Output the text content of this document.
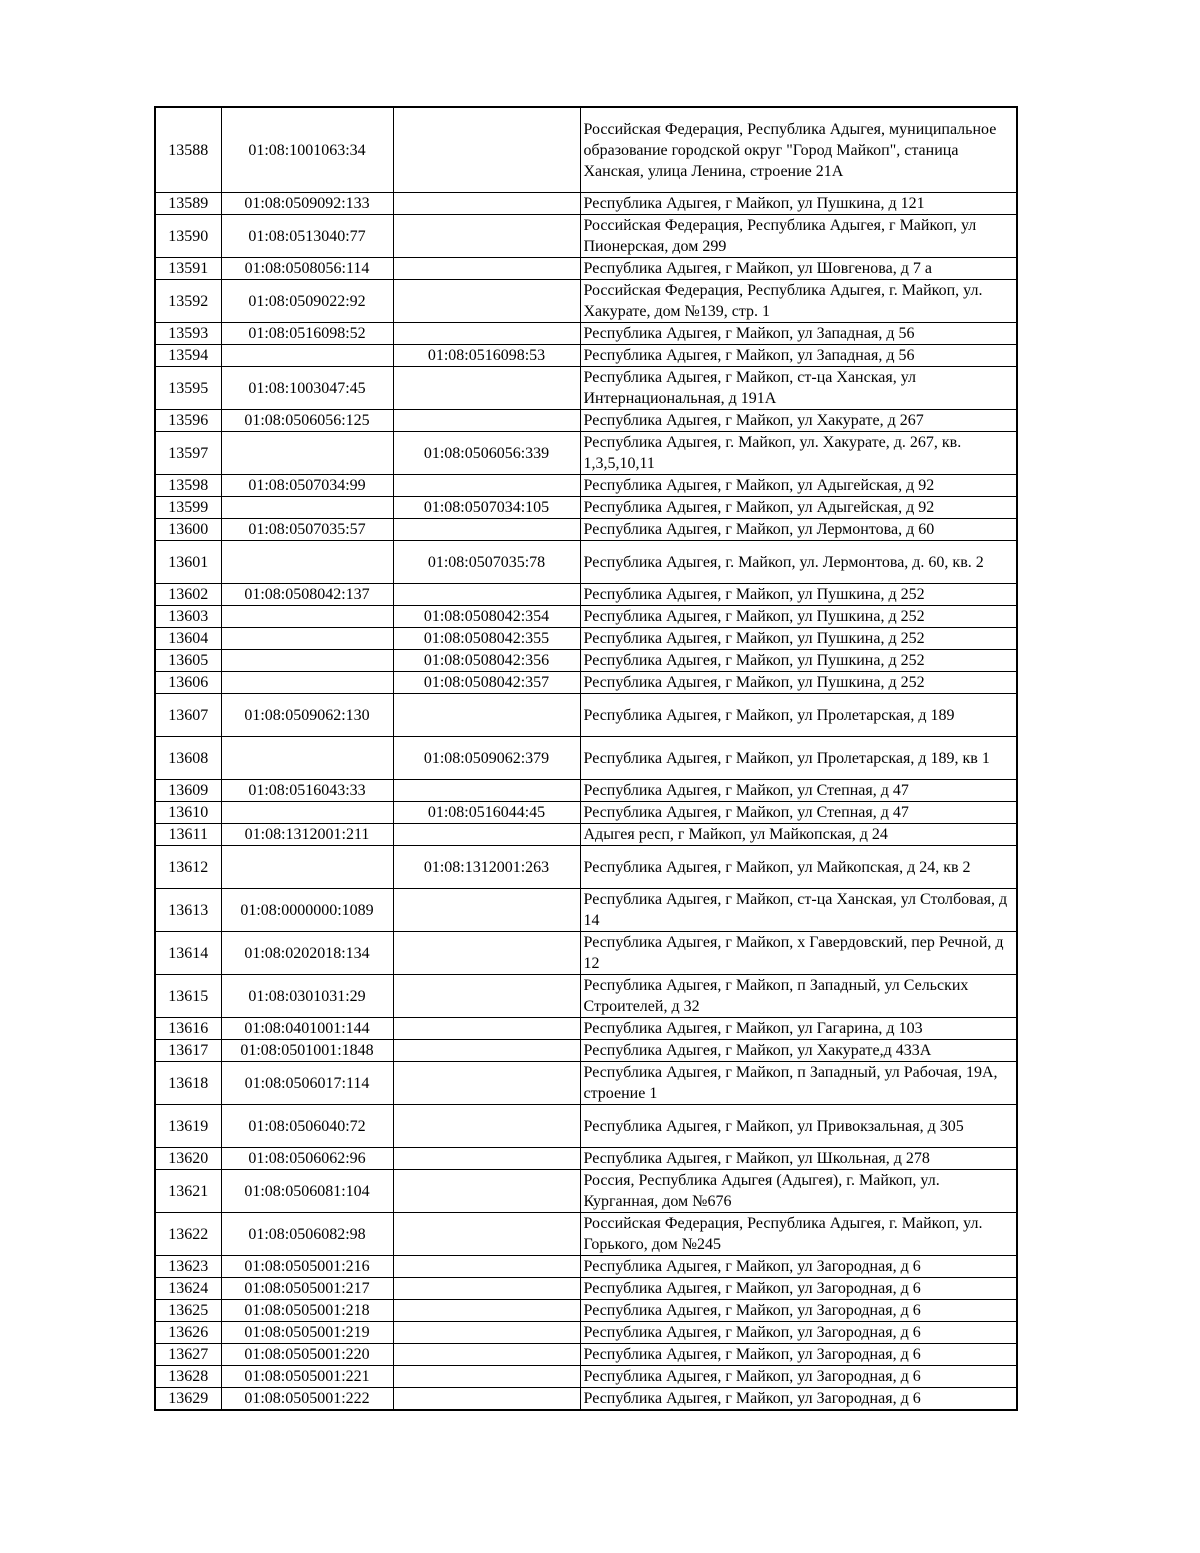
13588	01:08:1001063:34		Российская Федерация, Республика Адыгея, муниципальное образование городской округ "Город Майкоп", станица Ханская, улица Ленина, строение 21А
13589	01:08:0509092:133		Республика Адыгея, г Майкоп, ул Пушкина, д 121
13590	01:08:0513040:77		Российская Федерация, Республика Адыгея, г Майкоп, ул Пионерская, дом 299
13591	01:08:0508056:114		Республика Адыгея, г Майкоп, ул Шовгенова, д 7 а
13592	01:08:0509022:92		Российская Федерация, Республика Адыгея, г. Майкоп, ул. Хакурате, дом №139, стр. 1
13593	01:08:0516098:52		Республика Адыгея, г Майкоп, ул Западная, д 56
13594		01:08:0516098:53	Республика Адыгея, г Майкоп, ул Западная, д 56
13595	01:08:1003047:45		Республика Адыгея, г Майкоп, ст-ца Ханская, ул Интернациональная, д 191А
13596	01:08:0506056:125		Республика Адыгея, г Майкоп, ул Хакурате, д 267
13597		01:08:0506056:339	Республика Адыгея, г. Майкоп, ул. Хакурате, д. 267, кв. 1,3,5,10,11
13598	01:08:0507034:99		Республика Адыгея, г Майкоп, ул Адыгейская, д 92
13599		01:08:0507034:105	Республика Адыгея, г Майкоп, ул Адыгейская, д 92
13600	01:08:0507035:57		Республика Адыгея, г Майкоп, ул Лермонтова, д 60
13601		01:08:0507035:78	Республика Адыгея, г. Майкоп, ул. Лермонтова, д. 60, кв. 2
13602	01:08:0508042:137		Республика Адыгея, г Майкоп, ул Пушкина, д 252
13603		01:08:0508042:354	Республика Адыгея, г Майкоп, ул Пушкина, д 252
13604		01:08:0508042:355	Республика Адыгея, г Майкоп, ул Пушкина, д 252
13605		01:08:0508042:356	Республика Адыгея, г Майкоп, ул Пушкина, д 252
13606		01:08:0508042:357	Республика Адыгея, г Майкоп, ул Пушкина, д 252
13607	01:08:0509062:130		Республика Адыгея, г Майкоп, ул Пролетарская, д 189
13608		01:08:0509062:379	Республика Адыгея, г Майкоп, ул Пролетарская, д 189, кв 1
13609	01:08:0516043:33		Республика Адыгея, г Майкоп, ул Степная, д 47
13610		01:08:0516044:45	Республика Адыгея, г Майкоп, ул Степная, д 47
13611	01:08:1312001:211		Адыгея респ, г Майкоп, ул Майкопская, д 24
13612		01:08:1312001:263	Республика Адыгея, г Майкоп, ул Майкопская, д 24, кв 2
13613	01:08:0000000:1089		Республика Адыгея, г Майкоп, ст-ца Ханская, ул Столбовая, д 14
13614	01:08:0202018:134		Республика Адыгея, г Майкоп, х Гавердовский, пер Речной, д 12
13615	01:08:0301031:29		Республика Адыгея, г Майкоп, п Западный, ул Сельских Строителей, д 32
13616	01:08:0401001:144		Республика Адыгея, г Майкоп, ул Гагарина, д 103
13617	01:08:0501001:1848		Республика Адыгея, г Майкоп, ул Хакурате,д 433А
13618	01:08:0506017:114		Республика Адыгея, г Майкоп, п Западный, ул Рабочая, 19А, строение 1
13619	01:08:0506040:72		Республика Адыгея, г Майкоп, ул Привокзальная, д 305
13620	01:08:0506062:96		Республика Адыгея, г Майкоп, ул Школьная, д 278
13621	01:08:0506081:104		Россия, Республика Адыгея (Адыгея), г. Майкоп, ул. Курганная, дом №676
13622	01:08:0506082:98		Российская Федерация, Республика Адыгея, г. Майкоп, ул. Горького, дом №245
13623	01:08:0505001:216		Республика Адыгея, г Майкоп, ул Загородная, д 6
13624	01:08:0505001:217		Республика Адыгея, г Майкоп, ул Загородная, д 6
13625	01:08:0505001:218		Республика Адыгея, г Майкоп, ул Загородная, д 6
13626	01:08:0505001:219		Республика Адыгея, г Майкоп, ул Загородная, д 6
13627	01:08:0505001:220		Республика Адыгея, г Майкоп, ул Загородная, д 6
13628	01:08:0505001:221		Республика Адыгея, г Майкоп, ул Загородная, д 6
13629	01:08:0505001:222		Республика Адыгея, г Майкоп, ул Загородная, д 6
